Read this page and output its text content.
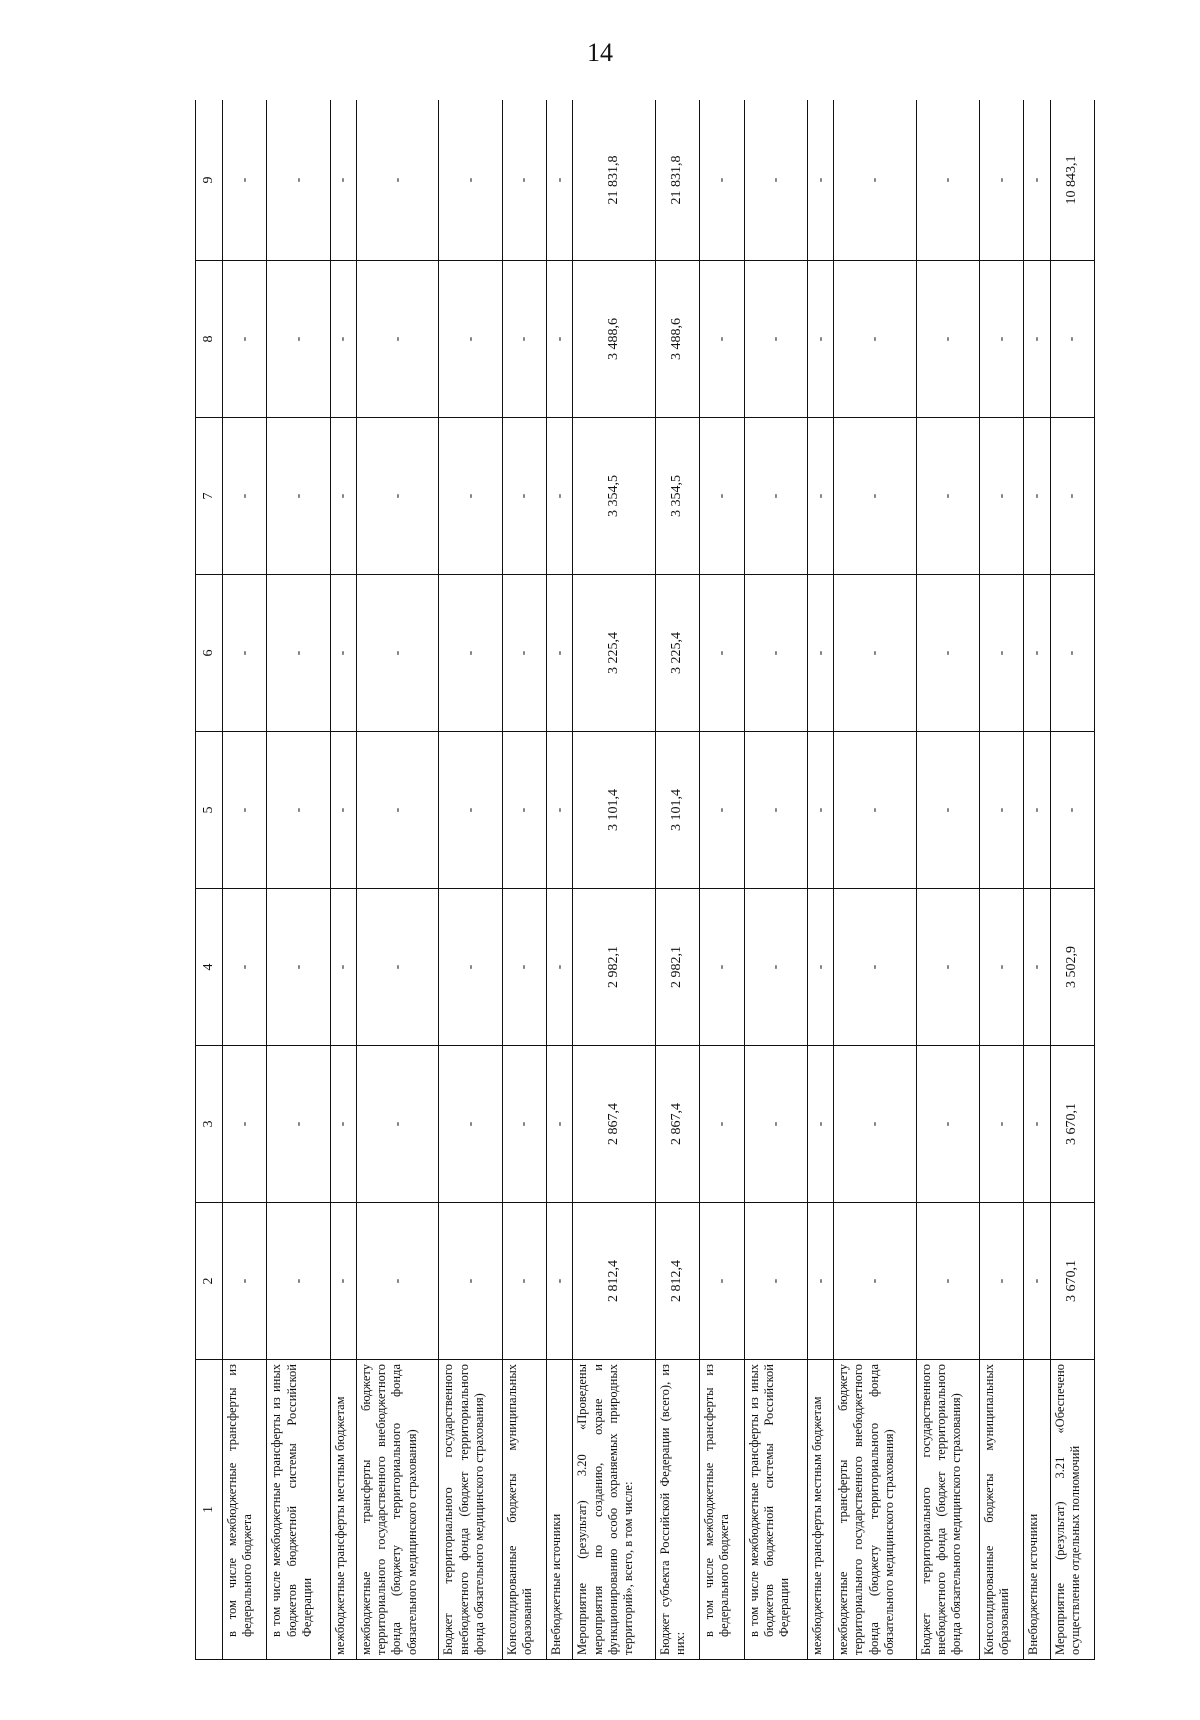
14
1	2	3	4	5	6	7	8	9
в том числе межбюджетные трансферты из федерального бюджета	-	-	-	-	-	-	-	-
в том числе межбюджетные трансферты из иных бюджетов бюджетной системы Российской Федерации	-	-	-	-	-	-	-	-
межбюджетные трансферты местным бюджетам	-	-	-	-	-	-	-	-
межбюджетные трансферты бюджету территориального государственного внебюджетного фонда (бюджету территориального фонда обязательного медицинского страхования)	-	-	-	-	-	-	-	-
Бюджет территориального государственного внебюджетного фонда (бюджет территориального фонда обязательного медицинского страхования)	-	-	-	-	-	-	-	-
Консолидированные бюджеты муниципальных образований	-	-	-	-	-	-	-	-
Внебюджетные источники	-	-	-	-	-	-	-	-
Мероприятие (результат) 3.20 «Проведены мероприятия по созданию, охране и функционированию особо охраняемых природных территорий», всего, в том числе:	2 812,4	2 867,4	2 982,1	3 101,4	3 225,4	3 354,5	3 488,6	21 831,8
Бюджет субъекта Российской Федерации (всего), из них:	2 812,4	2 867,4	2 982,1	3 101,4	3 225,4	3 354,5	3 488,6	21 831,8
в том числе межбюджетные трансферты из федерального бюджета	-	-	-	-	-	-	-	-
в том числе межбюджетные трансферты из иных бюджетов бюджетной системы Российской Федерации	-	-	-	-	-	-	-	-
межбюджетные трансферты местным бюджетам	-	-	-	-	-	-	-	-
межбюджетные трансферты бюджету территориального государственного внебюджетного фонда (бюджету территориального фонда обязательного медицинского страхования)	-	-	-	-	-	-	-	-
Бюджет территориального государственного внебюджетного фонда (бюджет территориального фонда обязательного медицинского страхования)	-	-	-	-	-	-	-	-
Консолидированные бюджеты муниципальных образований	-	-	-	-	-	-	-	-
Внебюджетные источники	-	-	-	-	-	-	-	-
Мероприятие (результат) 3.21 «Обеспечено осуществление отдельных полномочий	3 670,1	3 670,1	3 502,9	-	-	-	-	10 843,1
